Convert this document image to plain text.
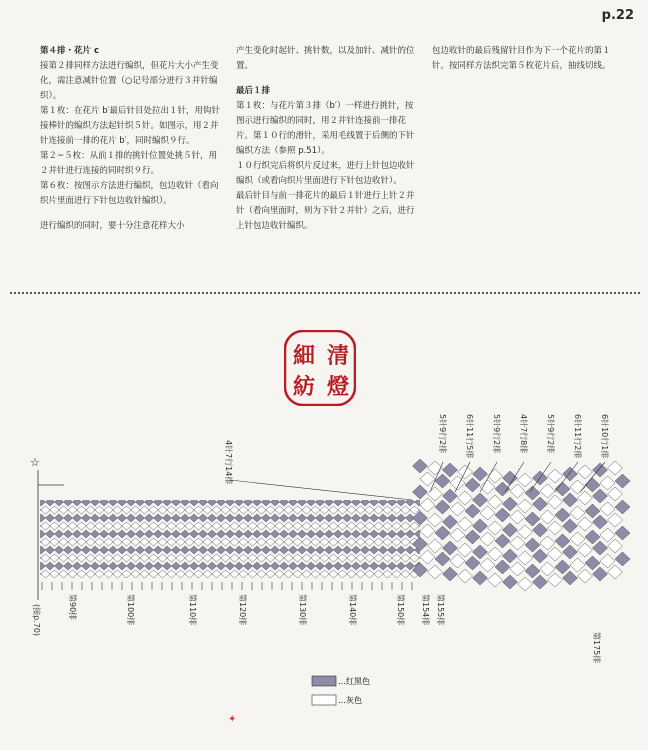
p.22

第４排・花片 c

接第２排同样方法进行编织，但花片大小产生变化，需注意减针位置（○记号部分进行３并针编织）。

第１枚：在花片 b′最后针目处拉出１针，用钩针接棒针的编织方法起针织５针。如图示，用２并针连接前一排的花片 b′，同时编织９行。

第２~５枚：从前１排的挑针位置处挑５针，用２并针进行连接的同时织９行。

第６枚：按图示方法进行编织，包边收针（看向织片里面进行下针包边收针编织）。

进行编织的同时，要十分注意花样大小

产生变化时起针、挑针数，以及加针、减针的位置。

最后１排

第１枚：与花片第３排（b′）一样进行挑针，按图示进行编织的同时，用２并针连接前一排花片。第１０行的滑针，采用毛线置于后侧的下针编织方法（参照 p.51）。

１０行织完后将织片反过来，进行上针包边收针编织（或看向织片里面进行下针包边收针）。

最后针目与前一排花片的最后１针进行上针２并针（看向里面时，则为下针２并针）之后，进行上针包边收针编织。

包边收针的最后残留针目作为下一个花片的第１针。按同样方法织完第５枚花片后，抽线切线。

清
燈
細
紡
☆	4针7行14排
5针9行2排 6针11行5排 5针9行2排 4针7行8排 5针9行2排 6针11行2排 6针10行1排
第90排	第100排	第110排	第120排	第130排	第140排	第150排 第154排 第155排
第175排
(接p.70)
…红黑色
…灰色
✦
